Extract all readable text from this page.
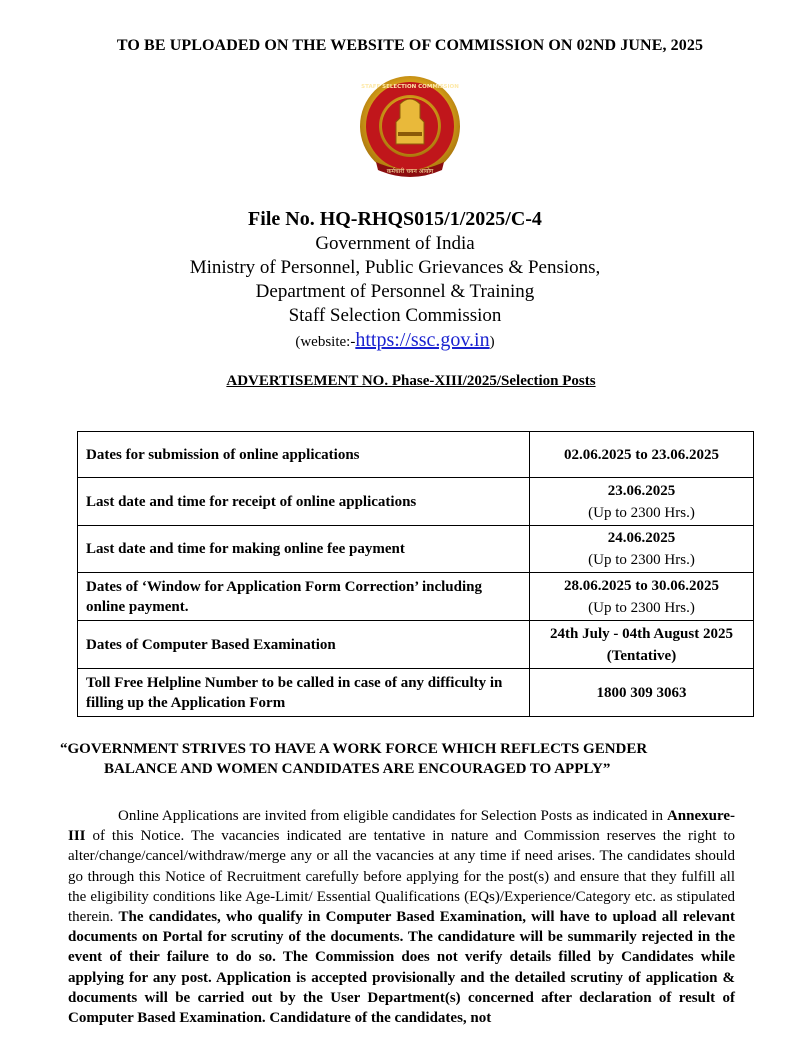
TO BE UPLOADED ON THE WEBSITE OF COMMISSION ON 02ND JUNE, 2025
STAFF SELECTION COMMISSION
कर्मचारी चयन आयोग
File No. HQ-RHQS015/1/2025/C-4
Government of India
Ministry of Personnel, Public Grievances & Pensions,
Department of Personnel & Training
Staff Selection Commission
(website:-https://ssc.gov.in)
ADVERTISEMENT NO. Phase-XIII/2025/Selection Posts
Dates for submission of online applications	02.06.2025 to 23.06.2025

Last date and time for receipt of online applications	23.06.2025
(Up to 2300 Hrs.)

Last date and time for making online fee payment	24.06.2025
(Up to 2300 Hrs.)

Dates of ‘Window for Application Form Correction’ including online payment.	28.06.2025 to 30.06.2025
(Up to 2300 Hrs.)

Dates of Computer Based Examination	24th July - 04th August 2025
(Tentative)

Toll Free Helpline Number to be called in case of any difficulty in filling up the Application Form	1800 309 3063
“GOVERNMENT STRIVES TO HAVE A WORK FORCE WHICH REFLECTS GENDER
BALANCE AND WOMEN CANDIDATES ARE ENCOURAGED TO APPLY”
Online Applications are invited from eligible candidates for Selection Posts as indicated in Annexure-III of this Notice. The vacancies indicated are tentative in nature and Commission reserves the right to alter/change/cancel/withdraw/merge any or all the vacancies at any time if need arises. The candidates should go through this Notice of Recruitment carefully before applying for the post(s) and ensure that they fulfill all the eligibility conditions like Age-Limit/ Essential Qualifications (EQs)/Experience/Category etc. as stipulated therein. The candidates, who qualify in Computer Based Examination, will have to upload all relevant documents on Portal for scrutiny of the documents. The candidature will be summarily rejected in the event of their failure to do so. The Commission does not verify details filled by Candidates while applying for any post. Application is accepted provisionally and the detailed scrutiny of application & documents will be carried out by the User Department(s) concerned after declaration of result of Computer Based Examination. Candidature of the candidates, not
